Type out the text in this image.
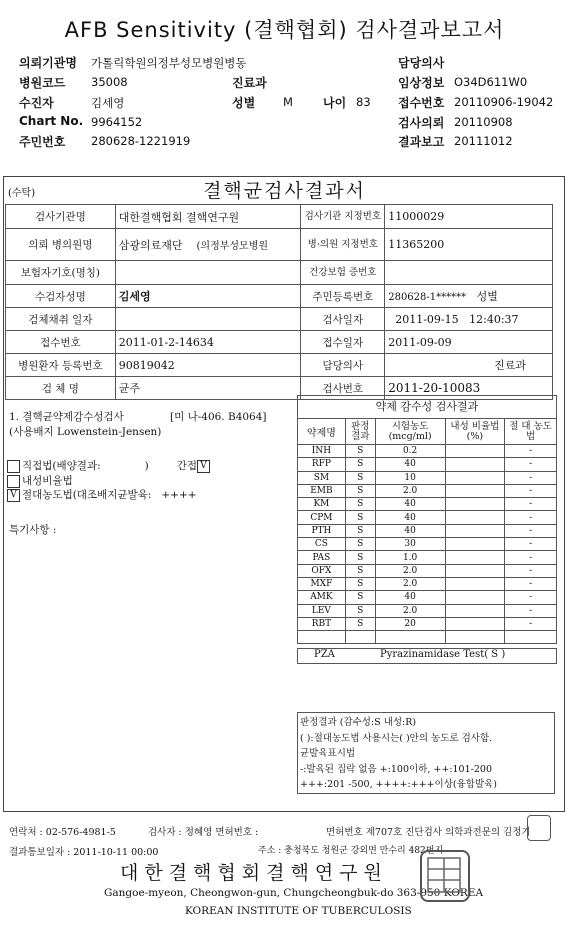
AFB Sensitivity (결핵협회) 검사결과보고서
의뢰기관명 가톨릭학원의정부성모병원병동
병원코드 35008	진료과
수진자	김세영	성별 M	나이 83
Chart No. 9964152
주민번호 280628-1221919
담당의사
임상정보 O34D611W0
접수번호 20110906-19042
검사의뢰 20110908
결과보고 20111012
(수탁)	결핵균검사결과서
검사기관명	대한결핵협회 결핵연구원	검사기관 지정번호	11000029
의뢰 병의원명	삼광의료재단 (의정부성모병원	병·의원 지정번호	11365200
보험자기호(명칭)		건강보험 증번호	
수검자성명	김세영	주민등록번호	280628-1****** 성별
검체채취 일자		검사일자	2011-09-15 12:40:37
접수번호	2011-01-2-14634	접수일자	2011-09-09
병원환자 등록번호	90819042	담당의사	진료과
검 체 명	균주	검사번호	2011-20-10083
1. 결핵균약제감수성검사	[미 나-406. B4064]
(사용배지 Lowenstein-Jensen)
직접법(배양결과:	)	간접 V
내성비율법
V 절대농도법(대조배지균발육: ++++
특기사항 :
약제 감수성 검사결과
약제명	판정 결과	시험농도 (mcg/ml)	내성 비율법(%)	절 대 농도법
INH	S	0.2		-
RFP	S	40		-
SM	S	10		-
EMB	S	2.0		-
KM	S	40		-
CPM	S	40		-
PTH	S	40		-
CS	S	30		-
PAS	S	1.0		-
OFX	S	2.0		-
MXF	S	2.0		-
AMK	S	40		-
LEV	S	2.0		-
RBT	S	20		-

PZA	Pyrazinamidase Test( S )
판정결과 (감수성:S 내성:R)
( ):절대농도법 사용시는( )안의 농도로 검사함.
균발육표시법
-:발육된 집락 없음 +:100이하, ++:101-200
+++:201 -500, ++++:+++이상(융합발육)
연락처 : 02-576-4981-5	검사자 : 정혜영 면허번호 :	면허번호 제707호 진단검사 의학과전문의 김정기
결과통보일자 : 2011-10-11 00:00	주소 : 충청북도 청원군 강외면 만수리 482번지
대한결핵협회결핵연구원
Gangoe-myeon, Cheongwon-gun, Chungcheongbuk-do 363-950 KOREA
KOREAN INSTITUTE OF TUBERCULOSIS
